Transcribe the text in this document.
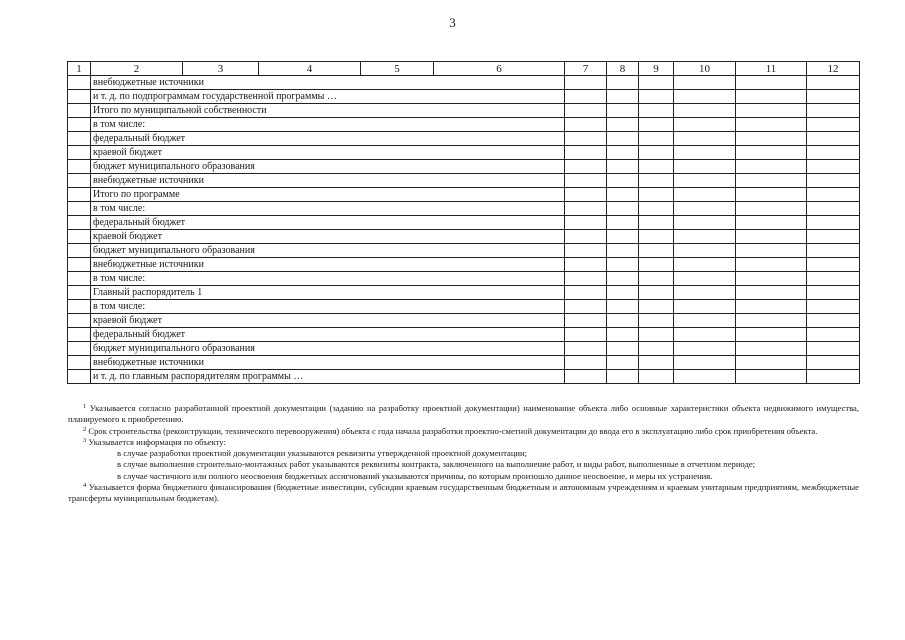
3
1	2	3	4	5	6	7	8	9	10	11	12
	внебюджетные источники										
	и т. д. по подпрограммам государственной программы …										
	Итого по муниципальной собственности										
	в том числе:										
	федеральный бюджет										
	краевой бюджет										
	бюджет муниципального образования										
	внебюджетные источники										
	Итого по программе										
	в том числе:										
	федеральный бюджет										
	краевой бюджет										
	бюджет муниципального образования										
	внебюджетные источники										
	в том числе:										
	Главный распорядитель 1										
	в том числе:										
	краевой бюджет										
	федеральный бюджет										
	бюджет муниципального образования										
	внебюджетные источники										
	и т. д. по главным распорядителям программы …										

$^1$ Указывается согласно разработанной проектной документации (заданию на разработку проектной документации) наименование объекта либо основные характеристики объекта недвижимого имущества, планируемого к приобретению.

$^2$ Срок строительства (реконструкции, технического перевооружения) объекта с года начала разработки проектно-сметной документации до ввода его в эксплуатацию либо срок приобретения объекта.

$^3$ Указывается информация по объекту:

в случае разработки проектной документации указываются реквизиты утвержденной проектной документации;

в случае выполнения строительно-монтажных работ указываются реквизиты контракта, заключенного на выполнение работ, и виды работ, выполненные в отчетном периоде;

в случае частичного или полного неосвоения бюджетных ассигнований указываются причины, по которым произошло данное неосвоение, и меры их устранения.

$^4$ Указывается форма бюджетного финансирования (бюджетные инвестиции, субсидии краевым государственным бюджетным и автономным учреждениям и краевым унитарным предприятиям, межбюджетные трансферты муниципальным бюджетам).
